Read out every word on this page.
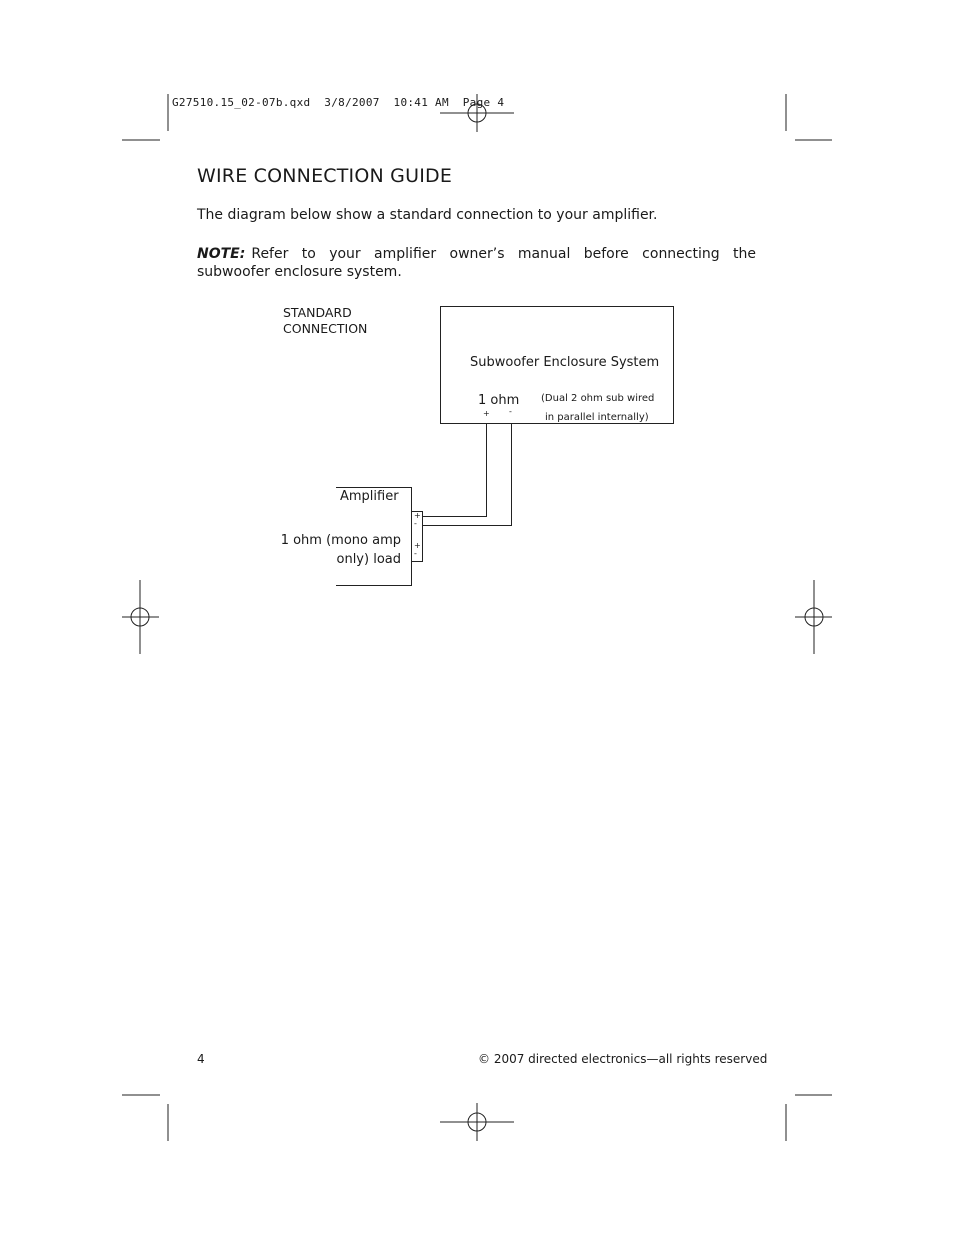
G27510.15_02-07b.qxd  3/8/2007  10:41 AM  Page 4
WIRE CONNECTION GUIDE
The diagram below show a standard connection to your amplifier.
NOTE: Refer to your amplifier owner’s manual before connecting the subwoofer enclosure system.
STANDARD
CONNECTION
Subwoofer Enclosure System
1 ohm (Dual 2 ohm sub wired
in parallel internally)
+ -
Amplifier
1 ohm (mono amp
only) load
+
-
+
-
4	© 2007 directed electronics—all rights reserved
